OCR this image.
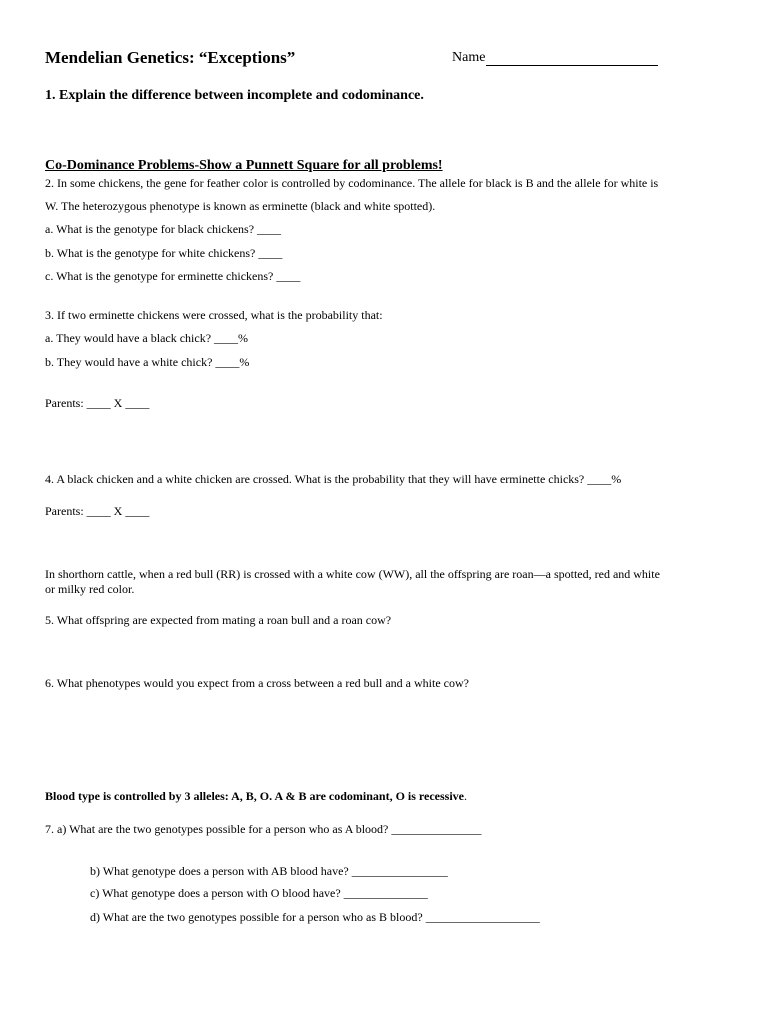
Mendelian Genetics: “Exceptions”	Name
1. Explain the difference between incomplete and codominance.
Co-Dominance Problems-Show a Punnett Square for all problems!
2. In some chickens, the gene for feather color is controlled by codominance. The allele for black is B and the allele for white is
W. The heterozygous phenotype is known as erminette (black and white spotted).
a. What is the genotype for black chickens? ____
b. What is the genotype for white chickens? ____
c. What is the genotype for erminette chickens? ____
3. If two erminette chickens were crossed, what is the probability that:
a. They would have a black chick? ____%
b. They would have a white chick? ____%
Parents: ____ X ____
4. A black chicken and a white chicken are crossed. What is the probability that they will have erminette chicks? ____%
Parents: ____ X ____
In shorthorn cattle, when a red bull (RR) is crossed with a white cow (WW), all the offspring are roan—a spotted, red and white
or milky red color.
5. What offspring are expected from mating a roan bull and a roan cow?
6. What phenotypes would you expect from a cross between a red bull and a white cow?
Blood type is controlled by 3 alleles: A, B, O. A & B are codominant, O is recessive.
7. a) What are the two genotypes possible for a person who as A blood? _______________
b) What genotype does a person with AB blood have? ________________
c) What genotype does a person with O blood have? ______________
d) What are the two genotypes possible for a person who as B blood? ___________________
